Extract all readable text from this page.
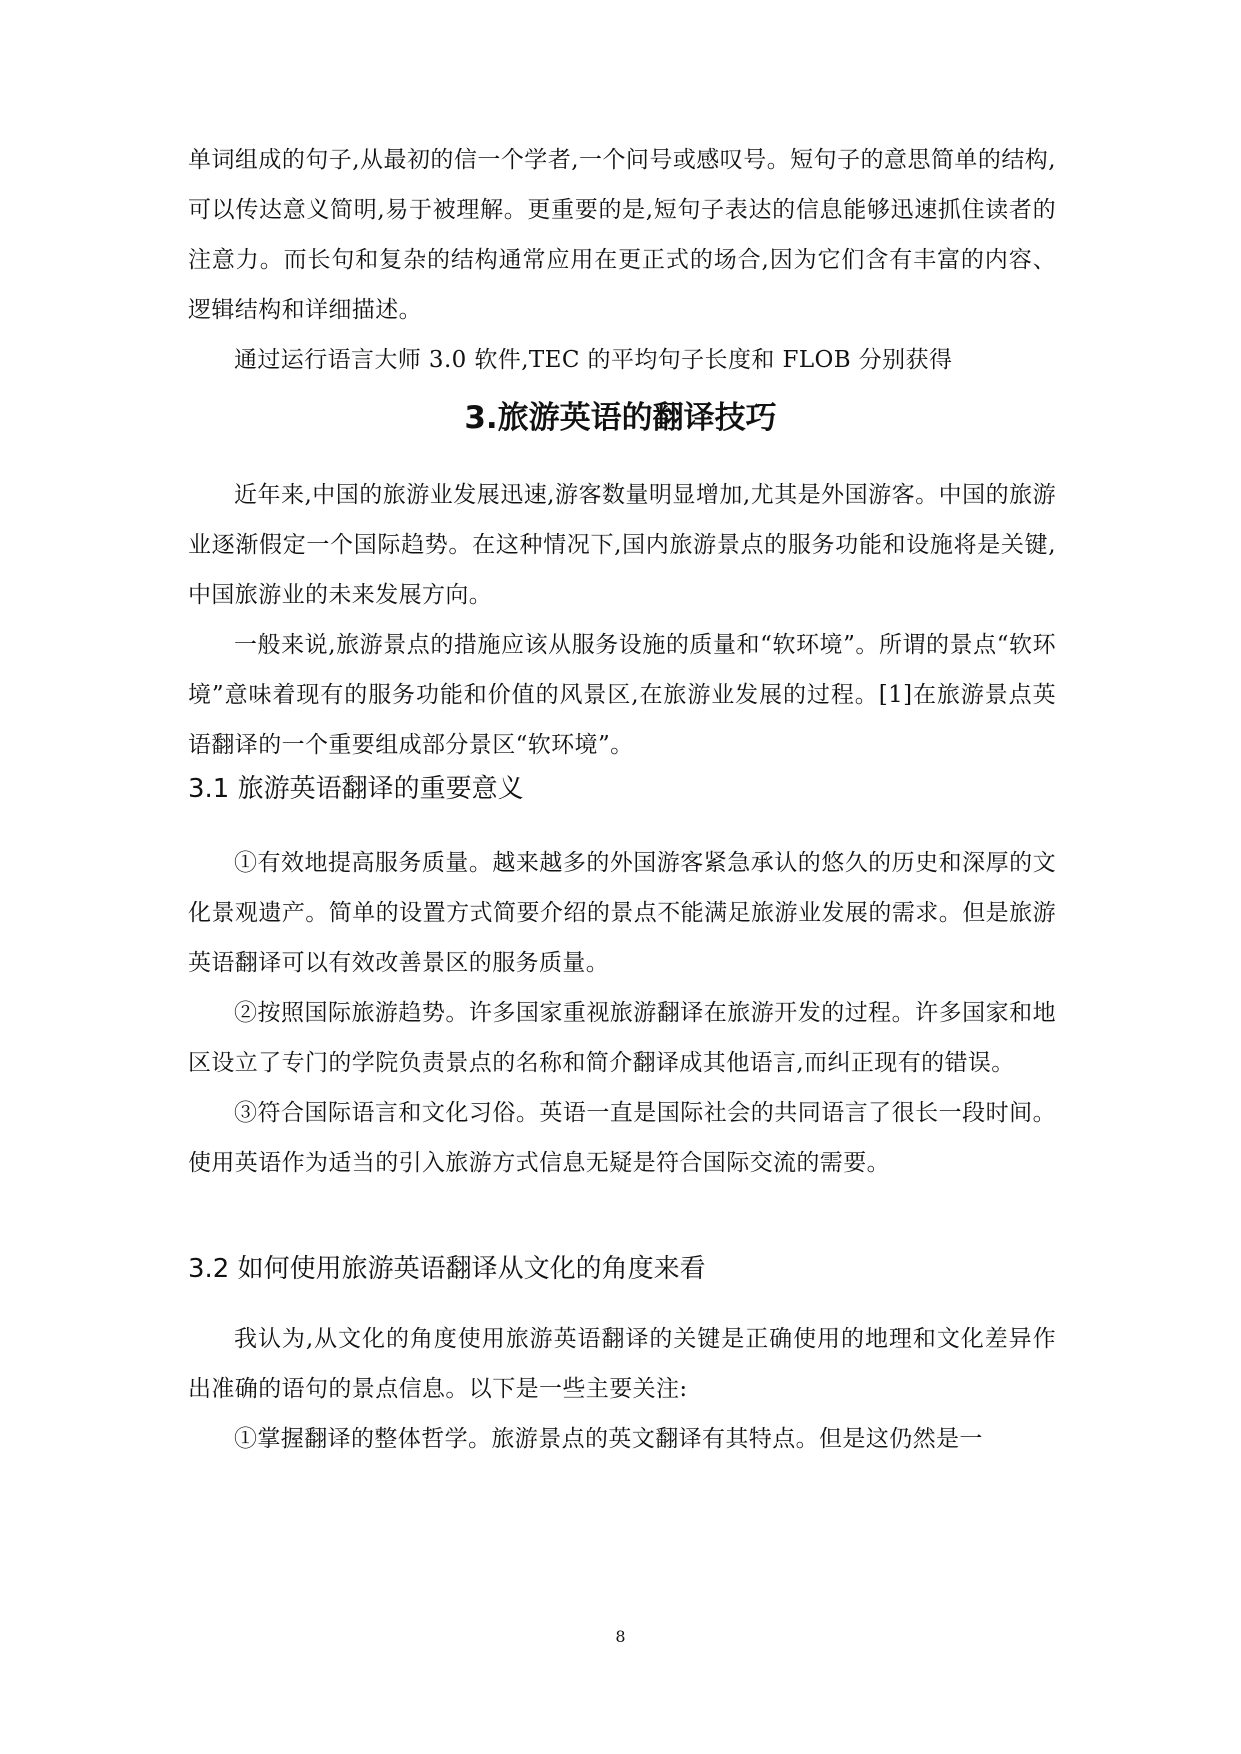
单词组成的句子,从最初的信一个学者,一个问号或感叹号。短句子的意思简单的结构,可以传达意义简明,易于被理解。更重要的是,短句子表达的信息能够迅速抓住读者的注意力。而长句和复杂的结构通常应用在更正式的场合,因为它们含有丰富的内容、逻辑结构和详细描述。

通过运行语言大师 3.0 软件,TEC 的平均句子长度和 FLOB 分别获得

3.旅游英语的翻译技巧

近年来,中国的旅游业发展迅速,游客数量明显增加,尤其是外国游客。中国的旅游业逐渐假定一个国际趋势。在这种情况下,国内旅游景点的服务功能和设施将是关键,中国旅游业的未来发展方向。

一般来说,旅游景点的措施应该从服务设施的质量和“软环境”。所谓的景点“软环境”意味着现有的服务功能和价值的风景区,在旅游业发展的过程。[1]在旅游景点英语翻译的一个重要组成部分景区“软环境”。

3.1 旅游英语翻译的重要意义

①有效地提高服务质量。越来越多的外国游客紧急承认的悠久的历史和深厚的文化景观遗产。简单的设置方式简要介绍的景点不能满足旅游业发展的需求。但是旅游英语翻译可以有效改善景区的服务质量。

②按照国际旅游趋势。许多国家重视旅游翻译在旅游开发的过程。许多国家和地区设立了专门的学院负责景点的名称和简介翻译成其他语言,而纠正现有的错误。

③符合国际语言和文化习俗。英语一直是国际社会的共同语言了很长一段时间。使用英语作为适当的引入旅游方式信息无疑是符合国际交流的需要。

3.2 如何使用旅游英语翻译从文化的角度来看

我认为,从文化的角度使用旅游英语翻译的关键是正确使用的地理和文化差异作出准确的语句的景点信息。以下是一些主要关注:

①掌握翻译的整体哲学。旅游景点的英文翻译有其特点。但是这仍然是一

8
